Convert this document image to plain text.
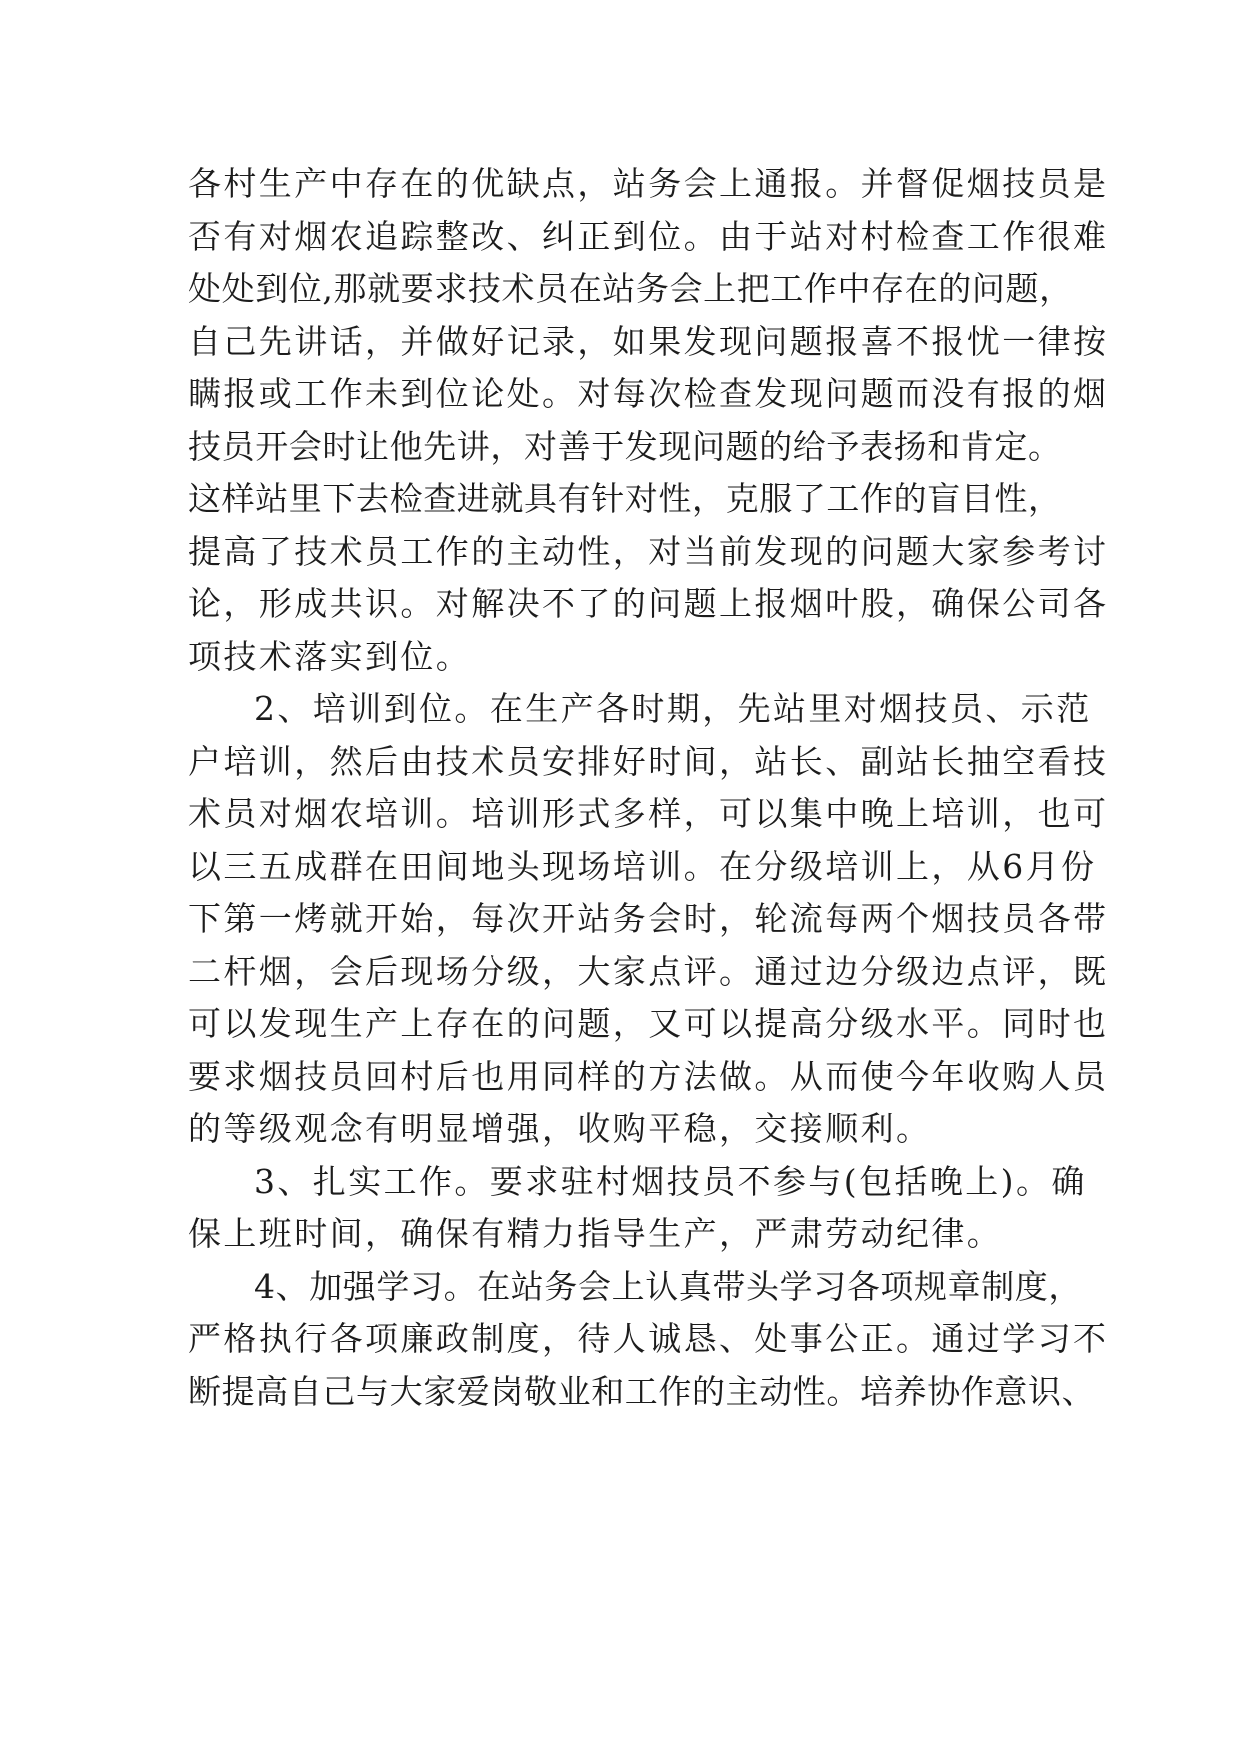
各村生产中存在的优缺点，站务会上通报。并督促烟技员是
否有对烟农追踪整改、纠正到位。由于站对村检查工作很难
处处到位,那就要求技术员在站务会上把工作中存在的问题，
自己先讲话，并做好记录，如果发现问题报喜不报忧一律按
瞒报或工作未到位论处。对每次检查发现问题而没有报的烟
技员开会时让他先讲，对善于发现问题的给予表扬和肯定。
这样站里下去检查进就具有针对性，克服了工作的盲目性，
提高了技术员工作的主动性，对当前发现的问题大家参考讨
论，形成共识。对解决不了的问题上报烟叶股，确保公司各
项技术落实到位。
2、培训到位。在生产各时期，先站里对烟技员、示范
户培训，然后由技术员安排好时间，站长、副站长抽空看技
术员对烟农培训。培训形式多样，可以集中晚上培训，也可
以三五成群在田间地头现场培训。在分级培训上，从6月份
下第一烤就开始，每次开站务会时，轮流每两个烟技员各带
二杆烟，会后现场分级，大家点评。通过边分级边点评，既
可以发现生产上存在的问题，又可以提高分级水平。同时也
要求烟技员回村后也用同样的方法做。从而使今年收购人员
的等级观念有明显增强，收购平稳，交接顺利。
3、扎实工作。要求驻村烟技员不参与(包括晚上)。确
保上班时间，确保有精力指导生产，严肃劳动纪律。
4、加强学习。在站务会上认真带头学习各项规章制度，
严格执行各项廉政制度，待人诚恳、处事公正。通过学习不
断提高自己与大家爱岗敬业和工作的主动性。培养协作意识、
